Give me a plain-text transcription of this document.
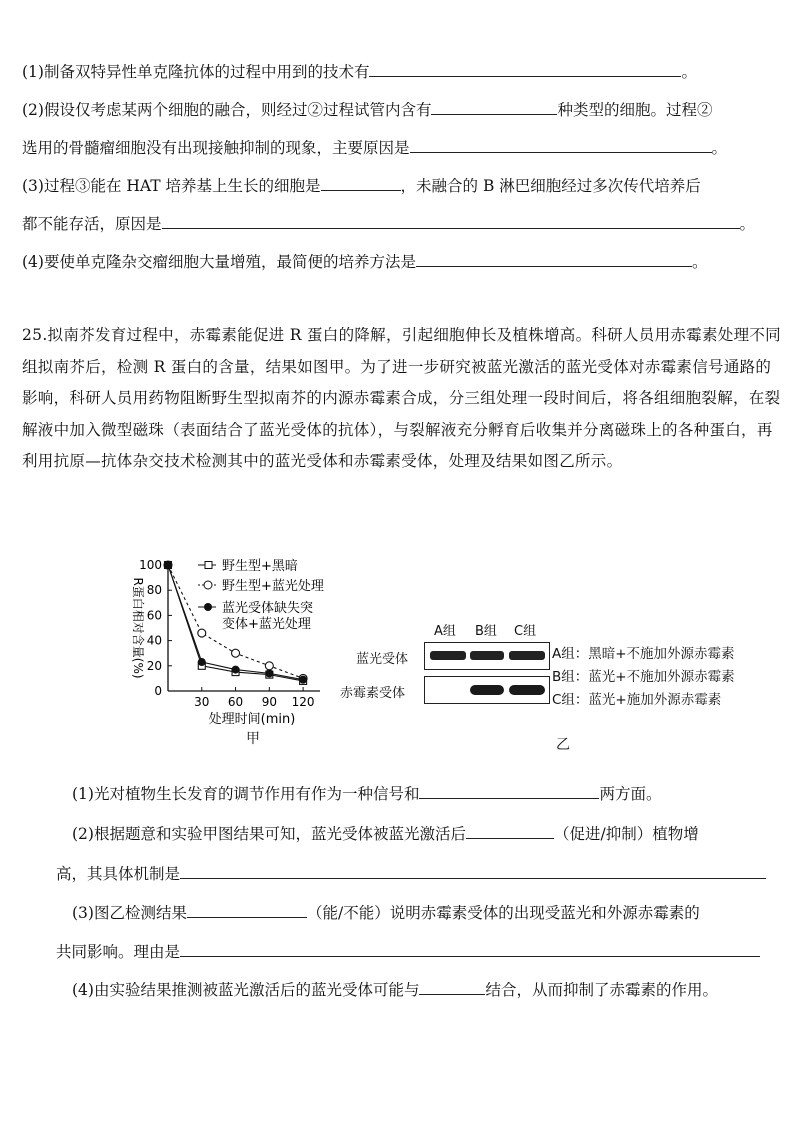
(1)制备双特异性单克隆抗体的过程中用到的技术有	。
(2)假设仅考虑某两个细胞的融合，则经过②过程试管内含有	种类型的细胞。过程②
选用的骨髓瘤细胞没有出现接触抑制的现象，主要原因是	。
(3)过程③能在 HAT 培养基上生长的细胞是	，未融合的 B 淋巴细胞经过多次传代培养后
都不能存活，原因是	。
(4)要使单克隆杂交瘤细胞大量增殖，最简便的培养方法是	。
25.拟南芥发育过程中，赤霉素能促进 R 蛋白的降解，引起细胞伸长及植株增高。科研人员用赤霉素处理不同组拟南芥后，检测 R 蛋白的含量，结果如图甲。为了进一步研究被蓝光激活的蓝光受体对赤霉素信号通路的影响，科研人员用药物阻断野生型拟南芥的内源赤霉素合成，分三组处理一段时间后，将各组细胞裂解，在裂解液中加入微型磁珠（表面结合了蓝光受体的抗体），与裂解液充分孵育后收集并分离磁珠上的各种蛋白，再利用抗原—抗体杂交技术检测其中的蓝光受体和赤霉素受体，处理及结果如图乙所示。
0
20
40
60
80
100
30 60 90 120
处理时间(min)
R蛋白相对含量(%)
野生型+黑暗
野生型+蓝光处理
蓝光受体缺失突
变体+蓝光处理
甲
A组 B组 C组
蓝光受体
赤霉素受体
A组：黑暗+不施加外源赤霉素
B组：蓝光+不施加外源赤霉素
C组：蓝光+施加外源赤霉素
乙
(1)光对植物生长发育的调节作用有作为一种信号和	两方面。
(2)根据题意和实验甲图结果可知，蓝光受体被蓝光激活后	（促进/抑制）植物增
高，其具体机制是
(3)图乙检测结果	（能/不能）说明赤霉素受体的出现受蓝光和外源赤霉素的
共同影响。理由是
(4)由实验结果推测被蓝光激活后的蓝光受体可能与	结合，从而抑制了赤霉素的作用。
